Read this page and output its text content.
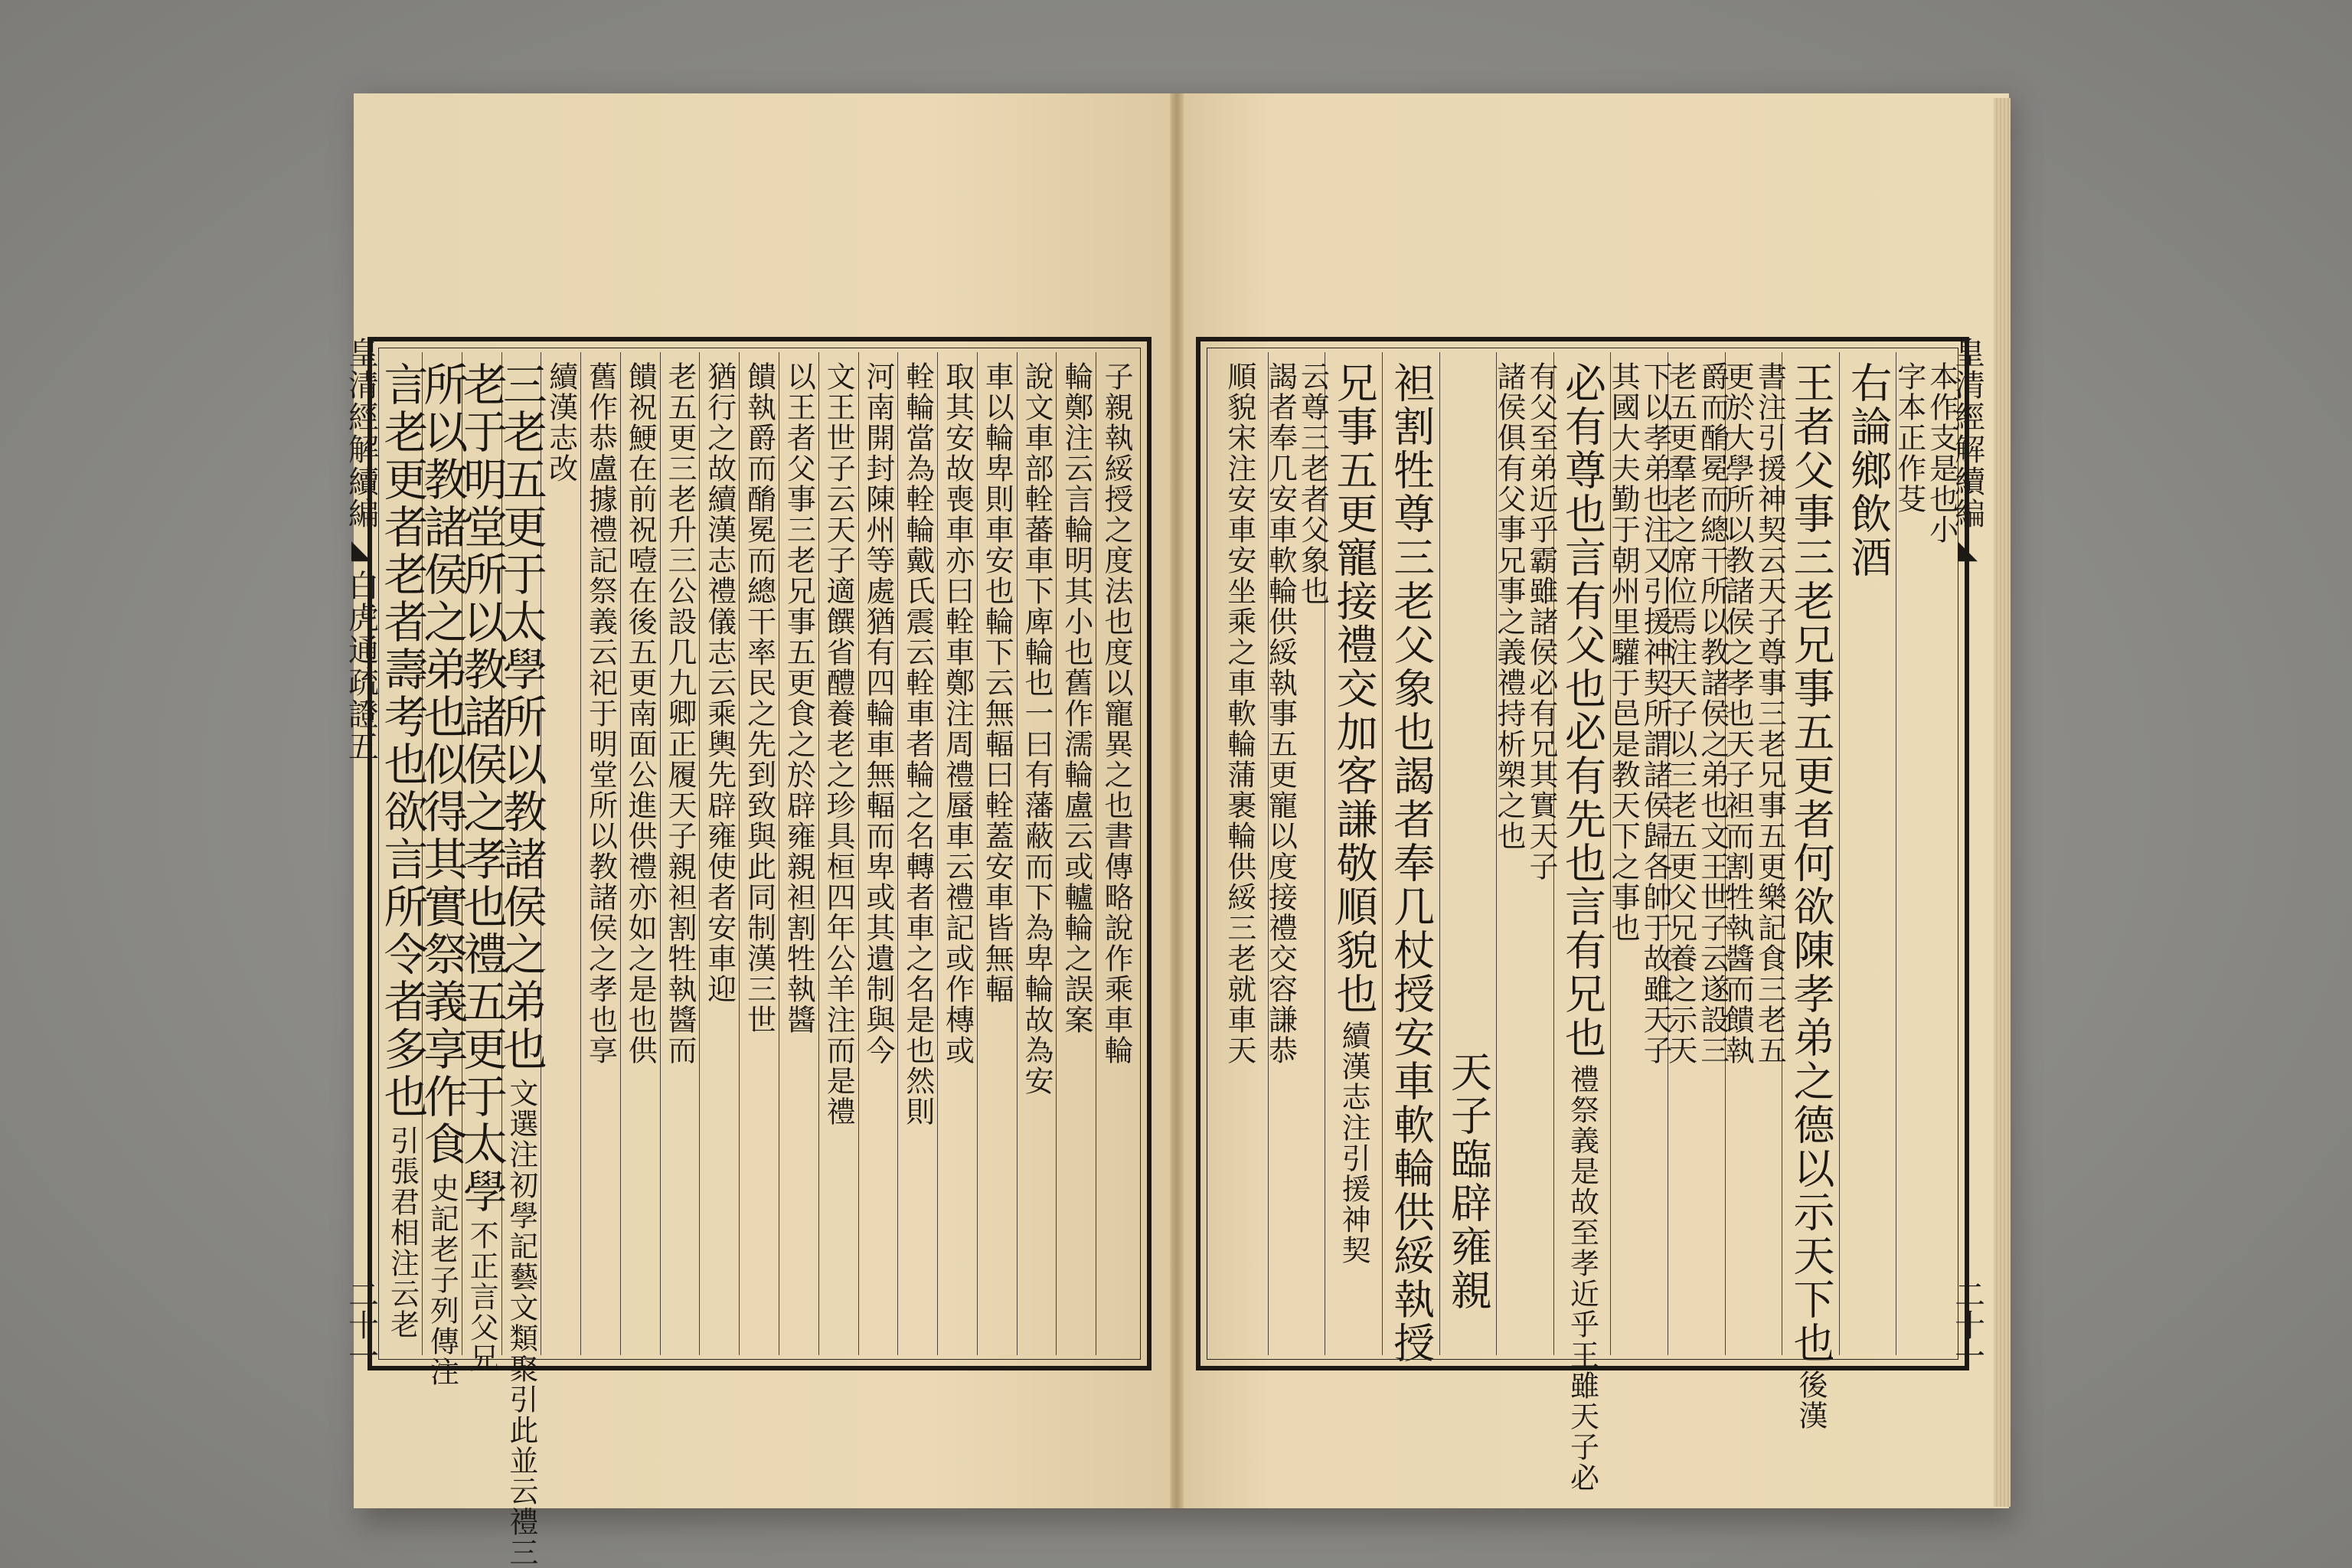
子親執綏授之度法也度以寵異之也書傳略說作乘車輪
輪鄭注云言輪明其小也舊作濡輪盧云或轤輪之誤案
說文車部輇蕃車下庳輪也一曰有藩蔽而下為卑輪故為安
車以輪卑則車安也輪下云無輻曰輇蓋安車皆無輻
取其安故喪車亦曰輇車鄭注周禮蜃車云禮記或作槫或
輇輪當為輇輪戴氏震云輇車者輪之名轉者車之名是也然則
河南開封陳州等處猶有四輪車無輻而卑或其遺制與今
文王世子云天子適饌省醴養老之珍具桓四年公羊注而是禮
以王者父事三老兄事五更食之於辟雍親袒割牲執醬
饋執爵而酳冕而總干率民之先到致與此同制漢三世
猶行之故續漢志禮儀志云乘輿先辟雍使者安車迎
老五更三老升三公設几九卿正履天子親袒割牲執醬而
饋祝鯁在前祝噎在後五更南面公進供禮亦如之是也供
舊作恭盧據禮記祭義云祀于明堂所以教諸侯之孝也享
續漢志改
三老五更于太學所以教諸侯之弟也
文選注初學記藝文類聚引此並云禮三
老于明堂所以教諸侯之孝也禮五更于太學
不正言父兄
所以教諸侯之弟也似得其實祭義享作食
史記老子列傳注
言老更者老者壽考也欲言所令者多也
引張君相注云老
皇清經解續編
◣
白虎通疏證五
二十一
本作支是也小
字本正作芟
右論鄉飲酒
王者父事三老兄事五更者何欲陳孝弟之德以示天下也
後漢
書注引援神契云天子尊事三老兄事五更樂記食三老五
更於大學所以教諸侯之孝也天子袒而割牲執醬而饋執
爵而酳冕而總干所以教諸侯之弟也文王世子云遂設三
老五更羣老之席位焉注天子以三老五更父兄養之示天
下以孝弟也注又引援神契所謂諸侯歸各帥于故雖天子
其國大夫勤于朝州里驩于邑是教天下之事也
必有尊也言有父也必有先也言有兄也
禮祭義是故至孝近乎王雖天子必
有父至弟近乎霸雖諸侯必有兄其實天子
諸侯俱有父事兄事之義禮持析槊之也
天子臨辟雍親
袒割牲尊三老父象也謁者奉几杖授安車軟輪供綏執授
兄事五更寵接禮交加客謙敬順貌也
續漢志注引援神契
云尊三老者父象也
謁者奉几安車軟輪供綏執事五更寵以度接禮交容謙恭
順貌宋注安車安坐乘之車軟輪蒲裹輪供綏三老就車天	皇清經解續編
◣
二十一
